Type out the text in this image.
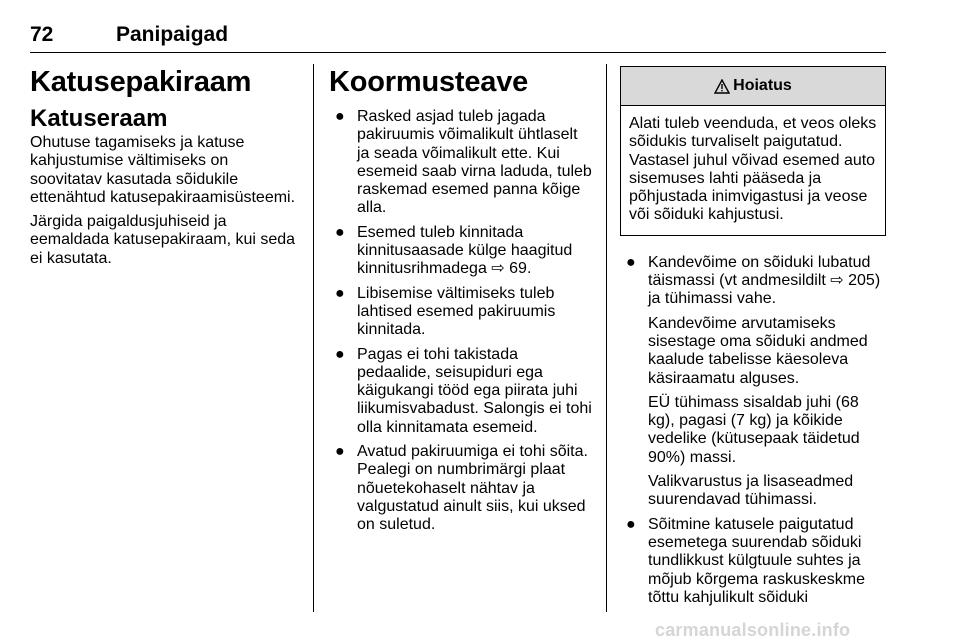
72	Panipaigad
Katusepakiraam
Katuseraam

Ohutuse tagamiseks ja katuse kahjustumise vältimiseks on soovitatav kasutada sõidukile ettenähtud katusepakiraamisüsteemi.

Järgida paigaldusjuhiseid ja eemaldada katusepakiraam, kui seda ei kasutata.

Koormusteave
● Rasked asjad tuleb jagada pakiruumis võimalikult ühtlaselt ja seada võimalikult ette. Kui esemeid saab virna laduda, tuleb raskemad esemed panna kõige alla.
● Esemed tuleb kinnitada kinnitusaasade külge haagitud kinnitusrihmadega ⇨ 69.
● Libisemise vältimiseks tuleb lahtised esemed pakiruumis kinnitada.
● Pagas ei tohi takistada pedaalide, seisupiduri ega käigukangi tööd ega piirata juhi liikumisvabadust. Salongis ei tohi olla kinnitamata esemeid.
● Avatud pakiruumiga ei tohi sõita. Pealegi on numbrimärgi plaat nõuetekohaselt nähtav ja valgustatud ainult siis, kui uksed on suletud.
Hoiatus
Alati tuleb veenduda, et veos oleks sõidukis turvaliselt paigutatud. Vastasel juhul võivad esemed auto sisemuses lahti pääseda ja põhjustada inimvigastusi ja veose või sõiduki kahjustusi.
● Kandevõime on sõiduki lubatud täismassi (vt andmesildilt ⇨ 205) ja tühimassi vahe.

Kandevõime arvutamiseks sisestage oma sõiduki andmed kaalude tabelisse käesoleva käsiraamatu alguses.

EÜ tühimass sisaldab juhi (68 kg), pagasi (7 kg) ja kõikide vedelike (kütusepaak täidetud 90%) massi.

Valikvarustus ja lisaseadmed suurendavad tühimassi.

● Sõitmine katusele paigutatud esemetega suurendab sõiduki tundlikkust külgtuule suhtes ja mõjub kõrgema raskuskeskme tõttu kahjulikult sõiduki
carmanualsonline.info
